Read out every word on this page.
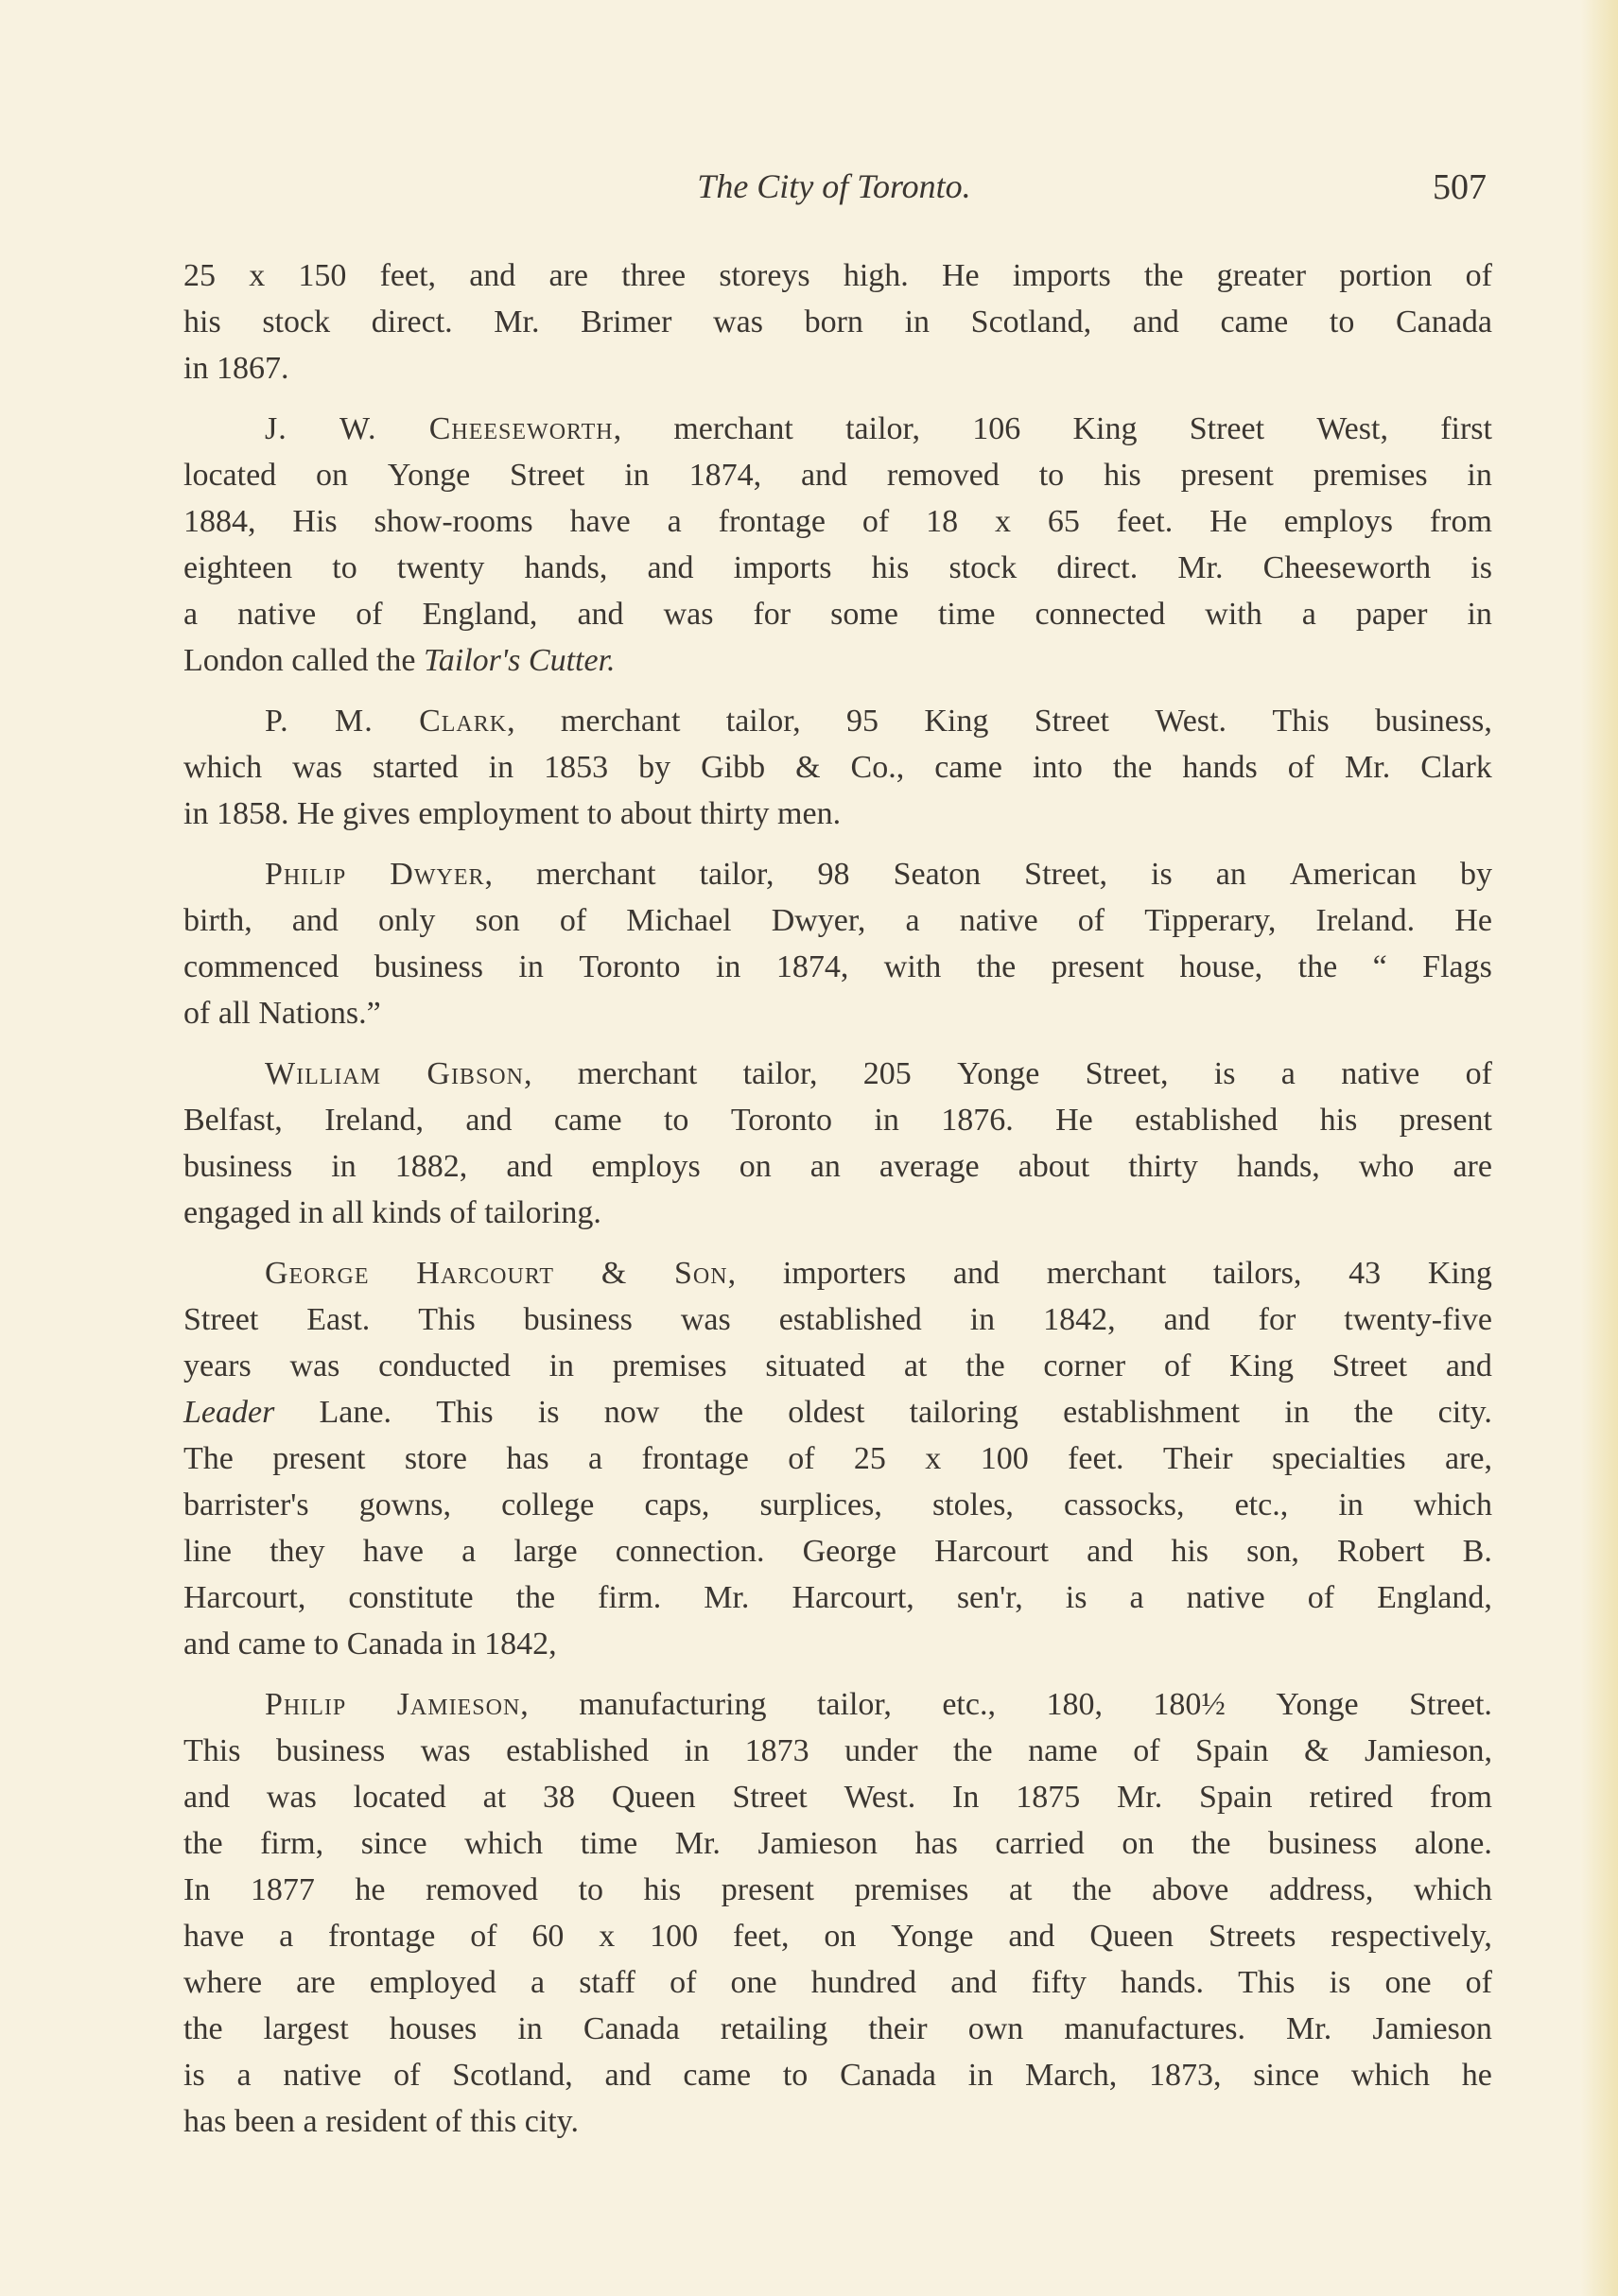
The City of Toronto.	507
25 x 150 feet, and are three storeys high. He imports the greater portion of
his stock direct. Mr. Brimer was born in Scotland, and came to Canada
in 1867.
J. W. Cheeseworth, merchant tailor, 106 King Street West, first
located on Yonge Street in 1874, and removed to his present premises in
1884, His show-rooms have a frontage of 18 x 65 feet. He employs from
eighteen to twenty hands, and imports his stock direct. Mr. Cheeseworth is
a native of England, and was for some time connected with a paper in
London called the Tailor's Cutter.
P. M. Clark, merchant tailor, 95 King Street West. This business,
which was started in 1853 by Gibb & Co., came into the hands of Mr. Clark
in 1858. He gives employment to about thirty men.
Philip Dwyer, merchant tailor, 98 Seaton Street, is an American by
birth, and only son of Michael Dwyer, a native of Tipperary, Ireland. He
commenced business in Toronto in 1874, with the present house, the “ Flags
of all Nations.”
William Gibson, merchant tailor, 205 Yonge Street, is a native of
Belfast, Ireland, and came to Toronto in 1876. He established his present
business in 1882, and employs on an average about thirty hands, who are
engaged in all kinds of tailoring.
George Harcourt & Son, importers and merchant tailors, 43 King
Street East. This business was established in 1842, and for twenty-five
years was conducted in premises situated at the corner of King Street and
Leader Lane. This is now the oldest tailoring establishment in the city.
The present store has a frontage of 25 x 100 feet. Their specialties are,
barrister's gowns, college caps, surplices, stoles, cassocks, etc., in which
line they have a large connection. George Harcourt and his son, Robert B.
Harcourt, constitute the firm. Mr. Harcourt, sen'r, is a native of England,
and came to Canada in 1842,
Philip Jamieson, manufacturing tailor, etc., 180, 180½ Yonge Street.
This business was established in 1873 under the name of Spain & Jamieson,
and was located at 38 Queen Street West. In 1875 Mr. Spain retired from
the firm, since which time Mr. Jamieson has carried on the business alone.
In 1877 he removed to his present premises at the above address, which
have a frontage of 60 x 100 feet, on Yonge and Queen Streets respectively,
where are employed a staff of one hundred and fifty hands. This is one of
the largest houses in Canada retailing their own manufactures. Mr. Jamieson
is a native of Scotland, and came to Canada in March, 1873, since which he
has been a resident of this city.
